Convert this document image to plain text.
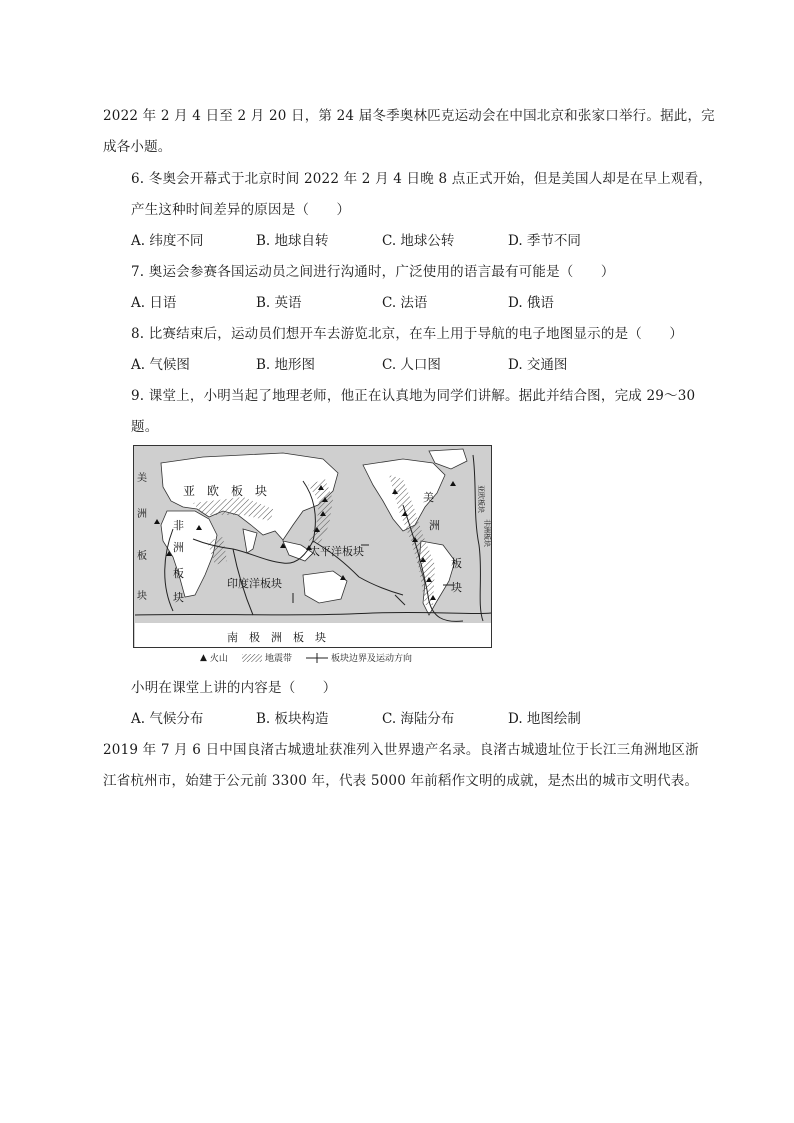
2022 年 2 月 4 日至 2 月 20 日，第 24 届冬季奥林匹克运动会在中国北京和张家口举行。据此，完
成各小题。
6. 冬奥会开幕式于北京时间 2022 年 2 月 4 日晚 8 点正式开始，但是美国人却是在早上观看，
产生这种时间差异的原因是（　　）
A. 纬度不同	B. 地球自转	C. 地球公转	D. 季节不同
7. 奥运会参赛各国运动员之间进行沟通时，广泛使用的语言最有可能是（　　）
A. 日语	B. 英语	C. 法语	D. 俄语
8. 比赛结束后，运动员们想开车去游览北京，在车上用于导航的电子地图显示的是（　　）
A. 气候图	B. 地形图	C. 人口图	D. 交通图
9. 课堂上，小明当起了地理老师，他正在认真地为同学们讲解。据此并结合图，完成 29～30
题。
亚　欧　板　块
非
洲
板
块
太平洋板块
印度洋板块
南　极　洲　板　块
美
洲
板
块
美
洲
板
块
亚欧板块
非洲板块
▲ 火山	地震带	板块边界及运动方向
小明在课堂上讲的内容是（　　）
A. 气候分布	B. 板块构造	C. 海陆分布	D. 地图绘制
2019 年 7 月 6 日中国良渚古城遗址获准列入世界遗产名录。良渚古城遗址位于长江三角洲地区浙
江省杭州市，始建于公元前 3300 年，代表 5000 年前稻作文明的成就，是杰出的城市文明代表。
